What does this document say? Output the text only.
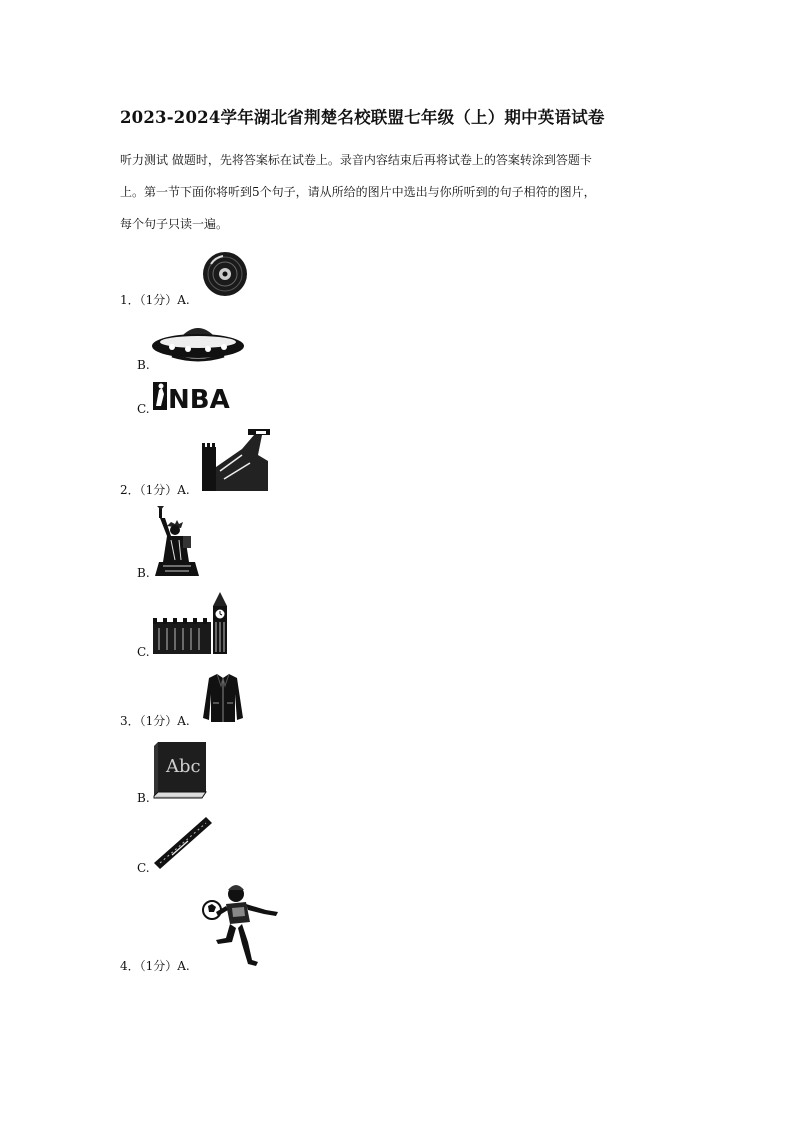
2023-2024学年湖北省荆楚名校联盟七年级（上）期中英语试卷

听力测试 做题时，先将答案标在试卷上。录音内容结束后再将试卷上的答案转涂到答题卡

上。第一节下面你将听到5个句子，请从所给的图片中选出与你所听到的句子相符的图片，

每个句子只读一遍。

1．（1分）A.
B.
C. NBA
2．（1分）A.
B.
C.
3．（1分）A.
B.
Abc
C.
4．（1分）A.
